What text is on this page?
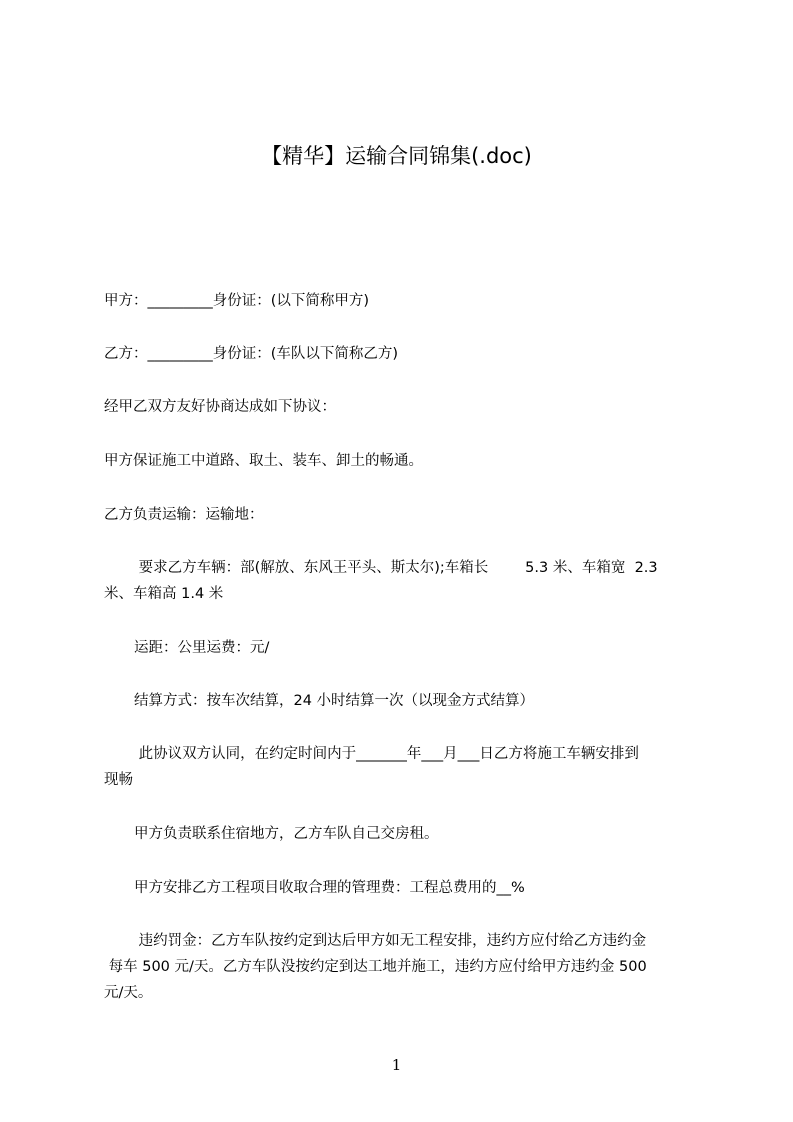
【精华】运输合同锦集(.doc)
甲方：_________身份证：(以下简称甲方)
乙方：_________身份证：(车队以下简称乙方)
经甲乙双方友好协商达成如下协议：
甲方保证施工中道路、取土、装车、卸土的畅通。
乙方负责运输：运输地：
要求乙方车辆：部(解放、东风王平头、斯太尔);车箱长        5.3 米、车箱宽  2.3
米、车箱高 1.4 米
运距：公里运费：元/
结算方式：按车次结算，24 小时结算一次（以现金方式结算）
此协议双方认同，在约定时间内于_______年___月___日乙方将施工车辆安排到
现畅
甲方负责联系住宿地方，乙方车队自己交房租。
甲方安排乙方工程项目收取合理的管理费：工程总费用的__%
违约罚金：乙方车队按约定到达后甲方如无工程安排，违约方应付给乙方违约金
每车 500 元/天。乙方车队没按约定到达工地并施工，违约方应付给甲方违约金 500
元/天。
1
